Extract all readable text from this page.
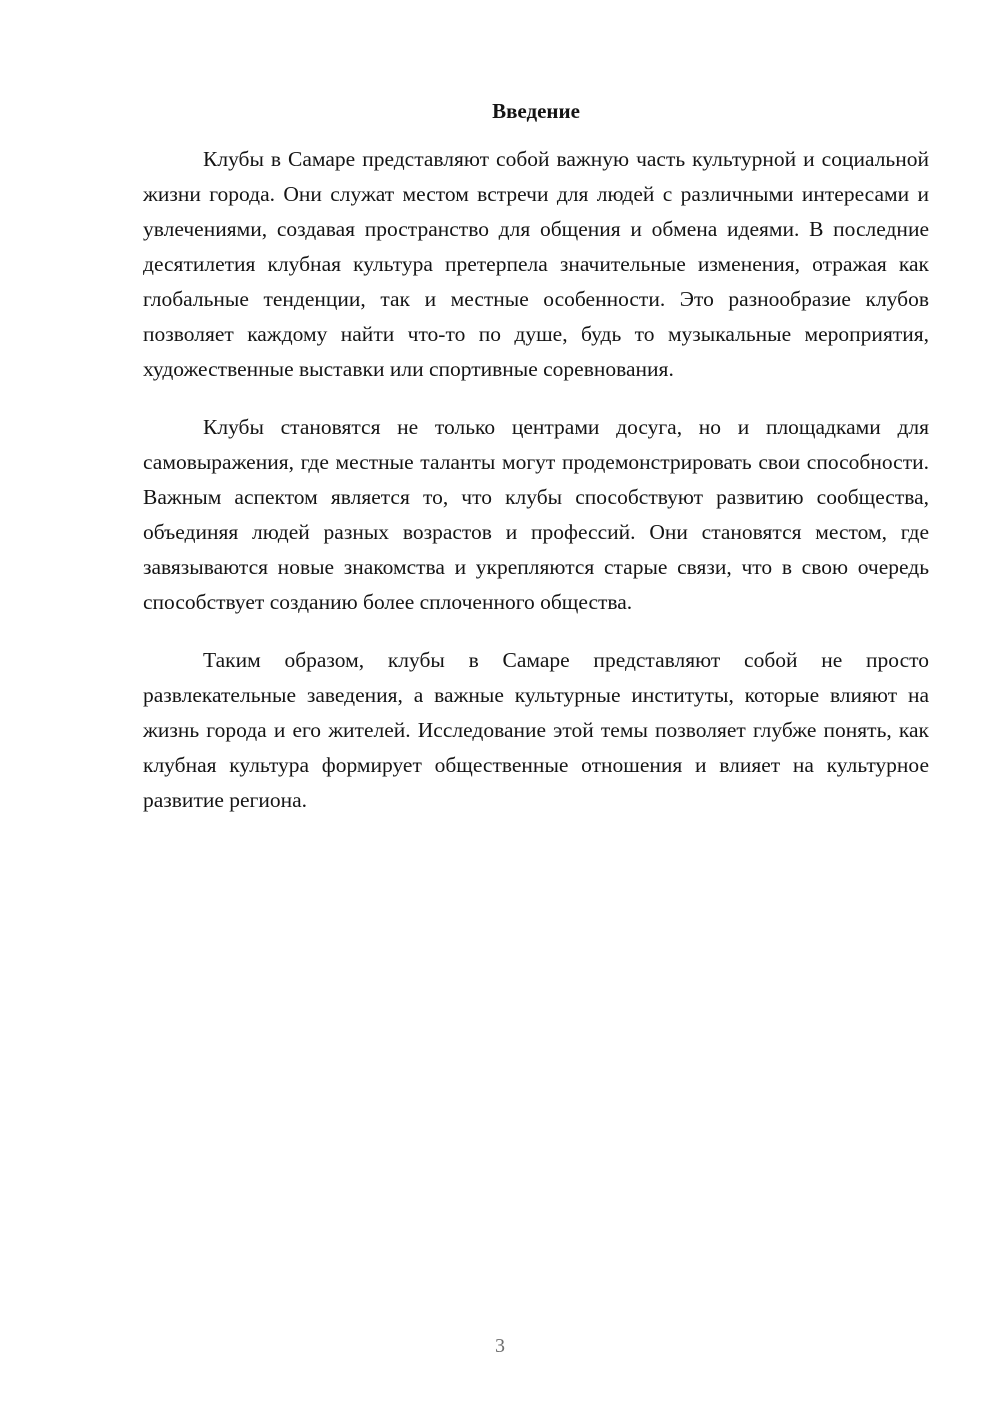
Введение

Клубы в Самаре представляют собой важную часть культурной и социальной жизни города. Они служат местом встречи для людей с различными интересами и увлечениями, создавая пространство для общения и обмена идеями. В последние десятилетия клубная культура претерпела значительные изменения, отражая как глобальные тенденции, так и местные особенности. Это разнообразие клубов позволяет каждому найти что-то по душе, будь то музыкальные мероприятия, художественные выставки или спортивные соревнования.

Клубы становятся не только центрами досуга, но и площадками для самовыражения, где местные таланты могут продемонстрировать свои способности. Важным аспектом является то, что клубы способствуют развитию сообщества, объединяя людей разных возрастов и профессий. Они становятся местом, где завязываются новые знакомства и укрепляются старые связи, что в свою очередь способствует созданию более сплоченного общества.

Таким образом, клубы в Самаре представляют собой не просто развлекательные заведения, а важные культурные институты, которые влияют на жизнь города и его жителей. Исследование этой темы позволяет глубже понять, как клубная культура формирует общественные отношения и влияет на культурное развитие региона.

3
